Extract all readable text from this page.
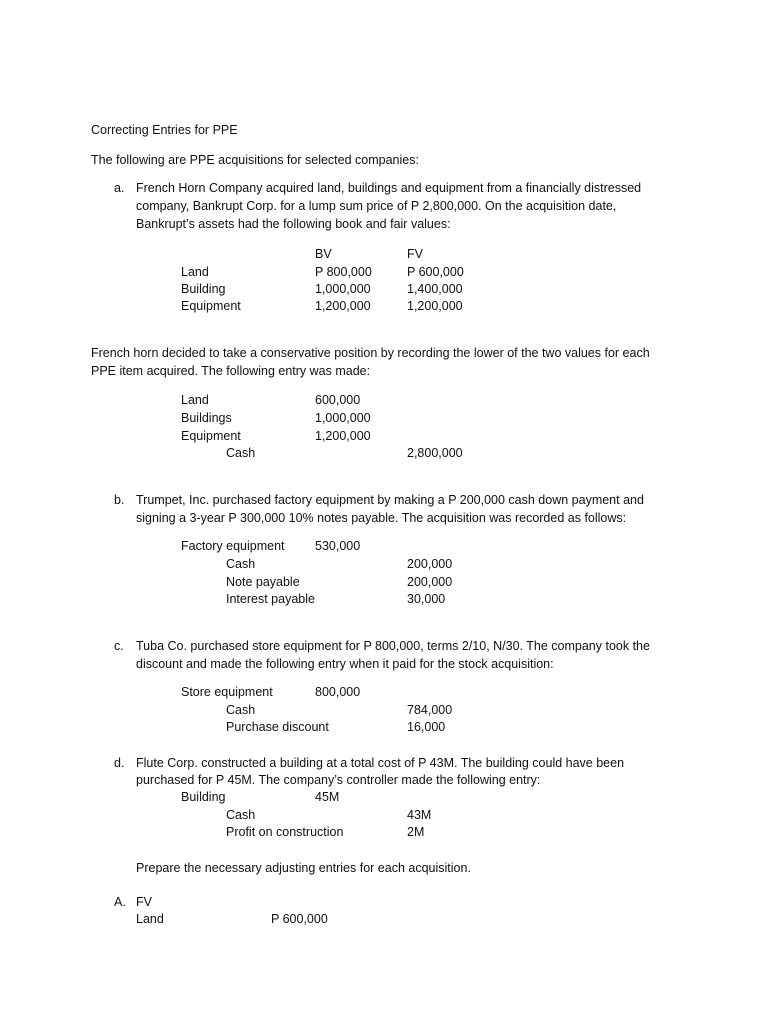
Correcting Entries for PPE
The following are PPE acquisitions for selected companies:
a. French Horn Company acquired land, buildings and equipment from a financially distressed
company, Bankrupt Corp. for a lump sum price of P 2,800,000. On the acquisition date,
Bankrupt’s assets had the following book and fair values:
BV	FV
Land	P 800,000	P 600,000
Building	1,000,000	1,400,000
Equipment	1,200,000	1,200,000
French horn decided to take a conservative position by recording the lower of the two values for each
PPE item acquired. The following entry was made:
Land	600,000
Buildings	1,000,000
Equipment	1,200,000
Cash	2,800,000
b. Trumpet, Inc. purchased factory equipment by making a P 200,000 cash down payment and
signing a 3-year P 300,000 10% notes payable. The acquisition was recorded as follows:
Factory equipment 530,000
Cash	200,000
Note payable	200,000
Interest payable	30,000
c. Tuba Co. purchased store equipment for P 800,000, terms 2/10, N/30. The company took the
discount and made the following entry when it paid for the stock acquisition:
Store equipment	800,000
Cash	784,000
Purchase discount	16,000
d. Flute Corp. constructed a building at a total cost of P 43M. The building could have been
purchased for P 45M. The company’s controller made the following entry:
Building	45M
Cash	43M
Profit on construction	2M
Prepare the necessary adjusting entries for each acquisition.
A. FV
Land	P 600,000
